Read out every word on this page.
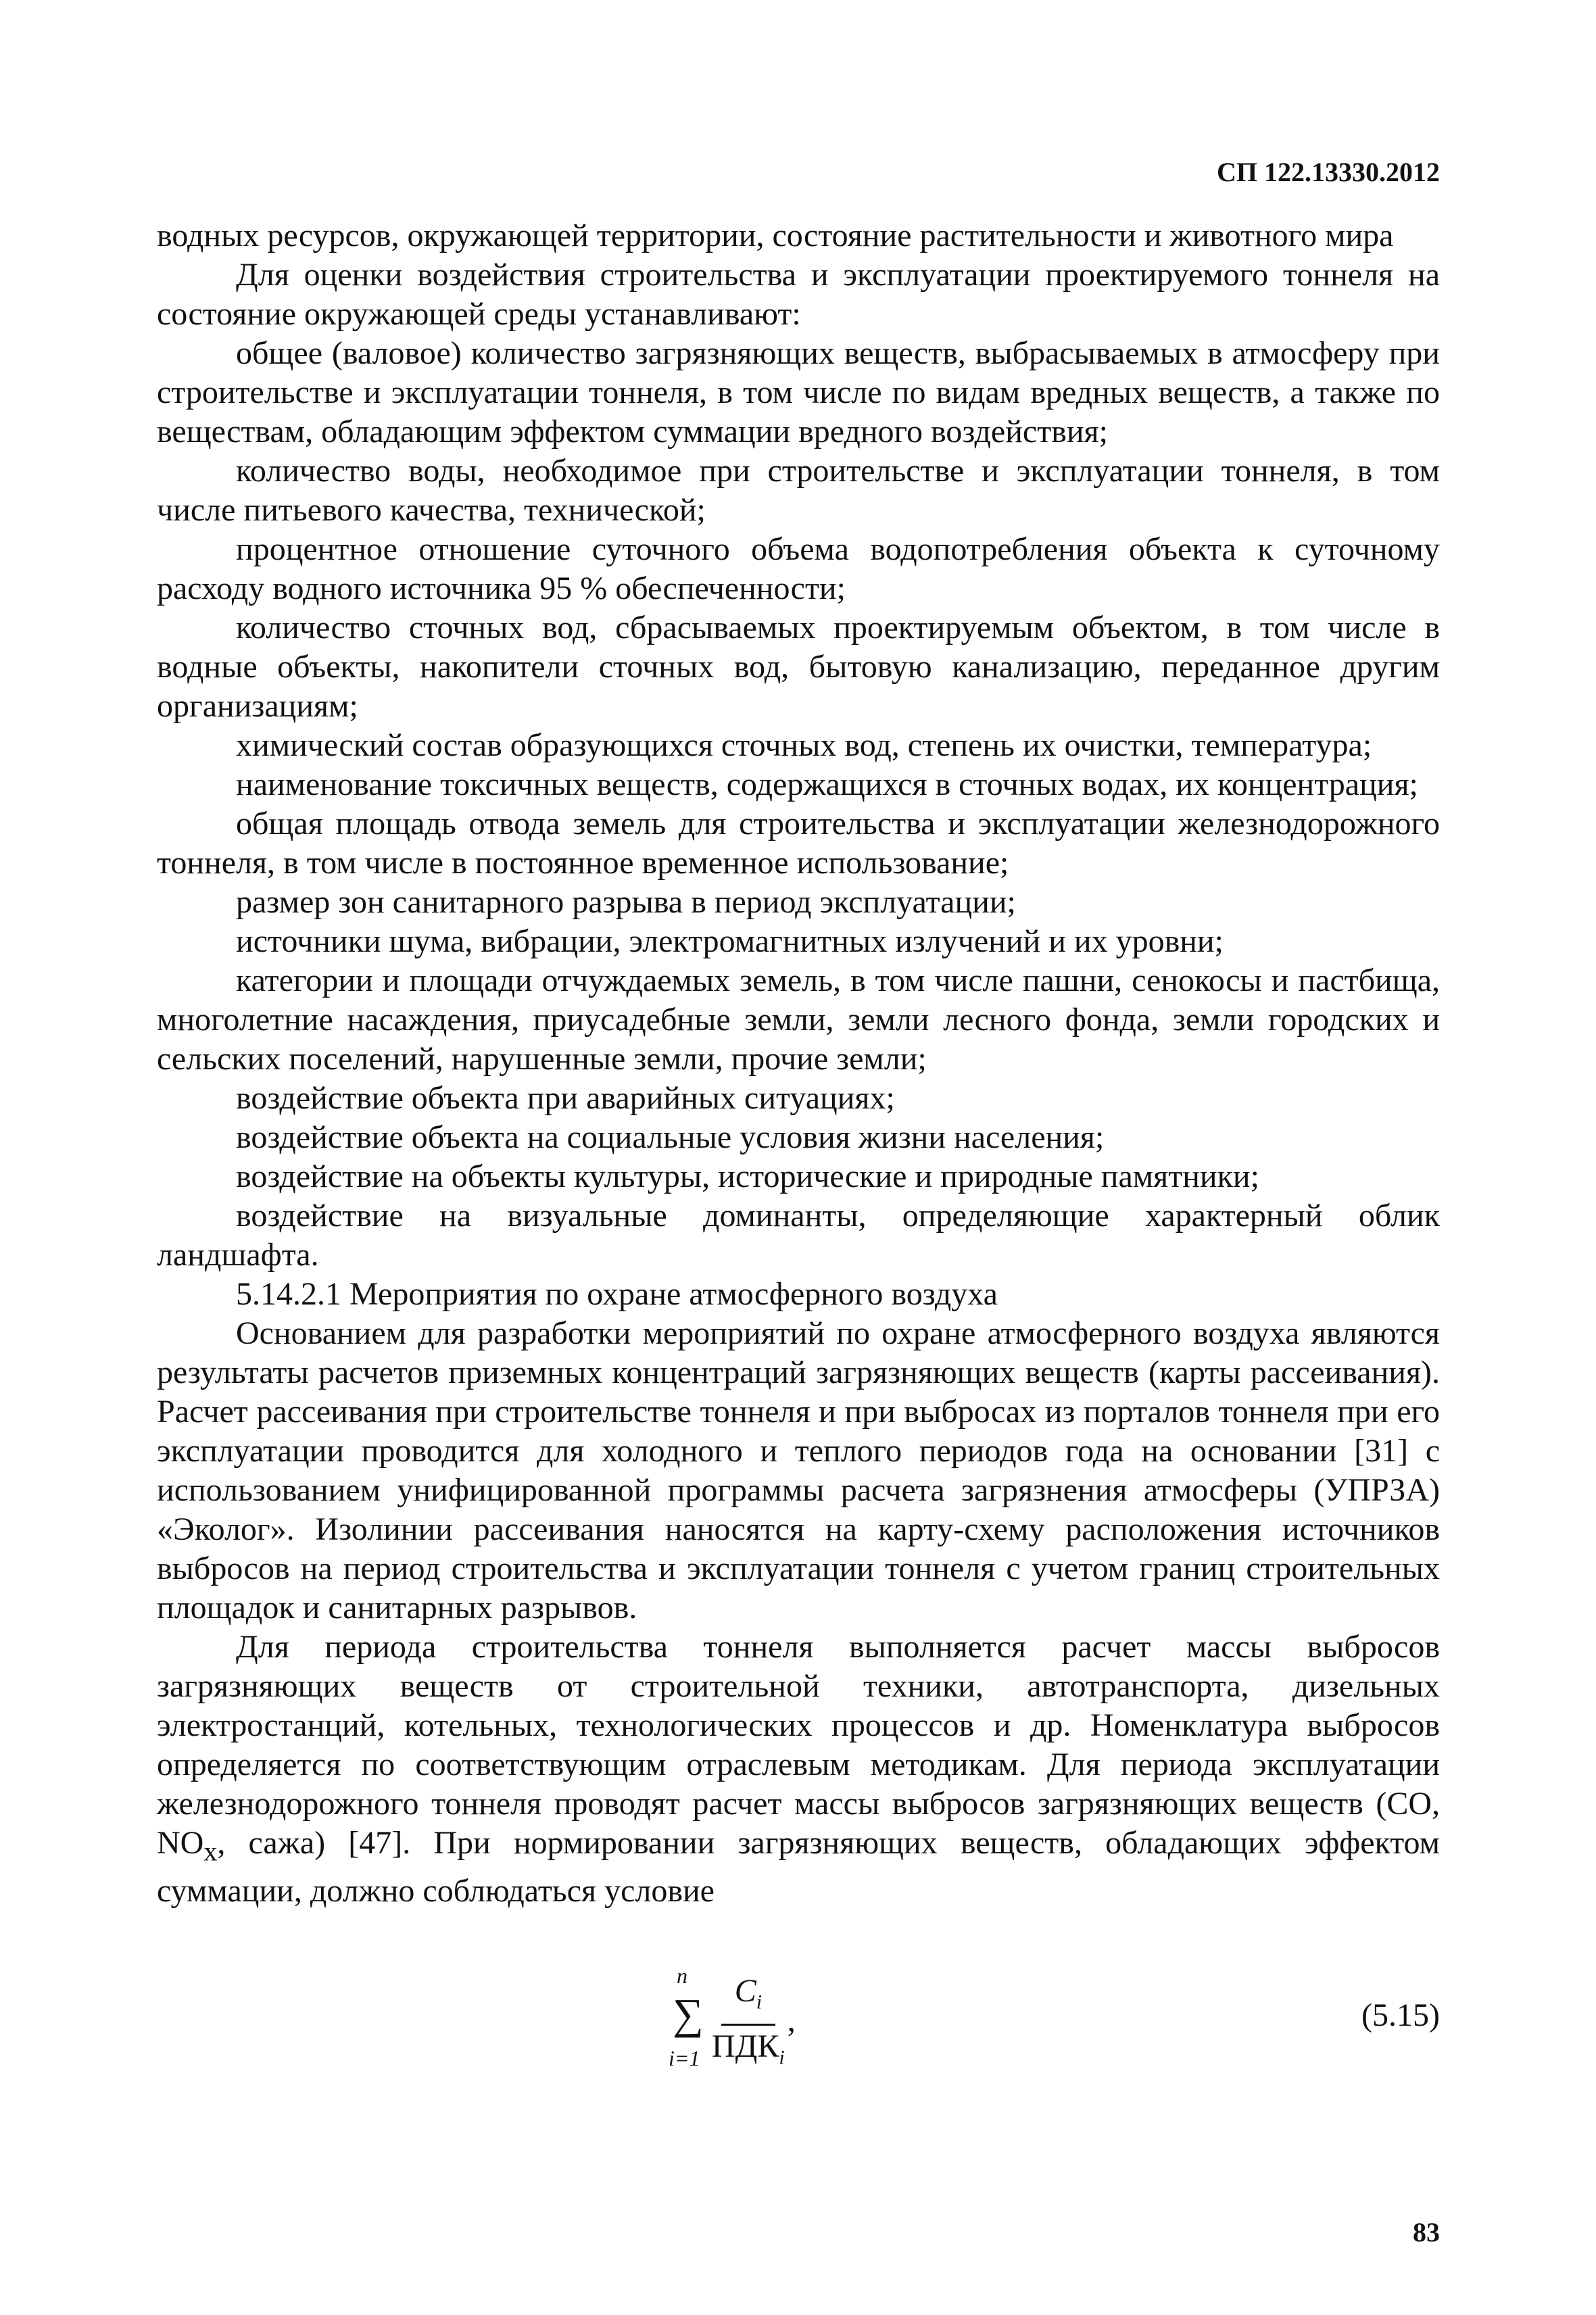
СП 122.13330.2012

водных ресурсов, окружающей территории, состояние растительности и животного мира

Для оценки воздействия строительства и эксплуатации проектируемого тоннеля на состояние окружающей среды устанавливают:

общее (валовое) количество загрязняющих веществ, выбрасываемых в атмосферу при строительстве и эксплуатации тоннеля, в том числе по видам вредных веществ, а также по веществам, обладающим эффектом суммации вредного воздействия;

количество воды, необходимое при строительстве и эксплуатации тоннеля, в том числе питьевого качества, технической;

процентное отношение суточного объема водопотребления объекта к суточному расходу водного источника 95 % обеспеченности;

количество сточных вод, сбрасываемых проектируемым объектом, в том числе в водные объекты, накопители сточных вод, бытовую канализацию, переданное другим организациям;

химический состав образующихся сточных вод, степень их очистки, температура;

наименование токсичных веществ, содержащихся в сточных водах, их концентрация;

общая площадь отвода земель для строительства и эксплуатации железнодорожного тоннеля, в том числе в постоянное временное использование;

размер зон санитарного разрыва в период эксплуатации;

источники шума, вибрации, электромагнитных излучений и их уровни;

категории и площади отчуждаемых земель, в том числе пашни, сенокосы и пастбища, многолетние насаждения, приусадебные земли, земли лесного фонда, земли городских и сельских поселений, нарушенные земли, прочие земли;

воздействие объекта при аварийных ситуациях;

воздействие объекта на социальные условия жизни населения;

воздействие на объекты культуры, исторические и природные памятники;

воздействие на визуальные доминанты, определяющие характерный облик ландшафта.

5.14.2.1 Мероприятия по охране атмосферного воздуха

Основанием для разработки мероприятий по охране атмосферного воздуха являются результаты расчетов приземных концентраций загрязняющих веществ (карты рассеивания). Расчет рассеивания при строительстве тоннеля и при выбросах из порталов тоннеля при его эксплуатации проводится для холодного и теплого периодов года на основании [31] с использованием унифицированной программы расчета загрязнения атмосферы (УПРЗА) «Эколог». Изолинии рассеивания наносятся на карту-схему расположения источников выбросов на период строительства и эксплуатации тоннеля с учетом границ строительных площадок и санитарных разрывов.

Для периода строительства тоннеля выполняется расчет массы выбросов загрязняющих веществ от строительной техники, автотранспорта, дизельных электростанций, котельных, технологических процессов и др. Номенклатура выбросов определяется по соответствующим отраслевым методикам. Для периода эксплуатации железнодорожного тоннеля проводят расчет массы выбросов загрязняющих веществ (CO, $NO_x$, сажа) [47]. При нормировании загрязняющих веществ, обладающих эффектом суммации, должно соблюдаться условие

n
∑
$i=1 \frac{C_i}{ПДК_i}$ ,	(5.15)
83
